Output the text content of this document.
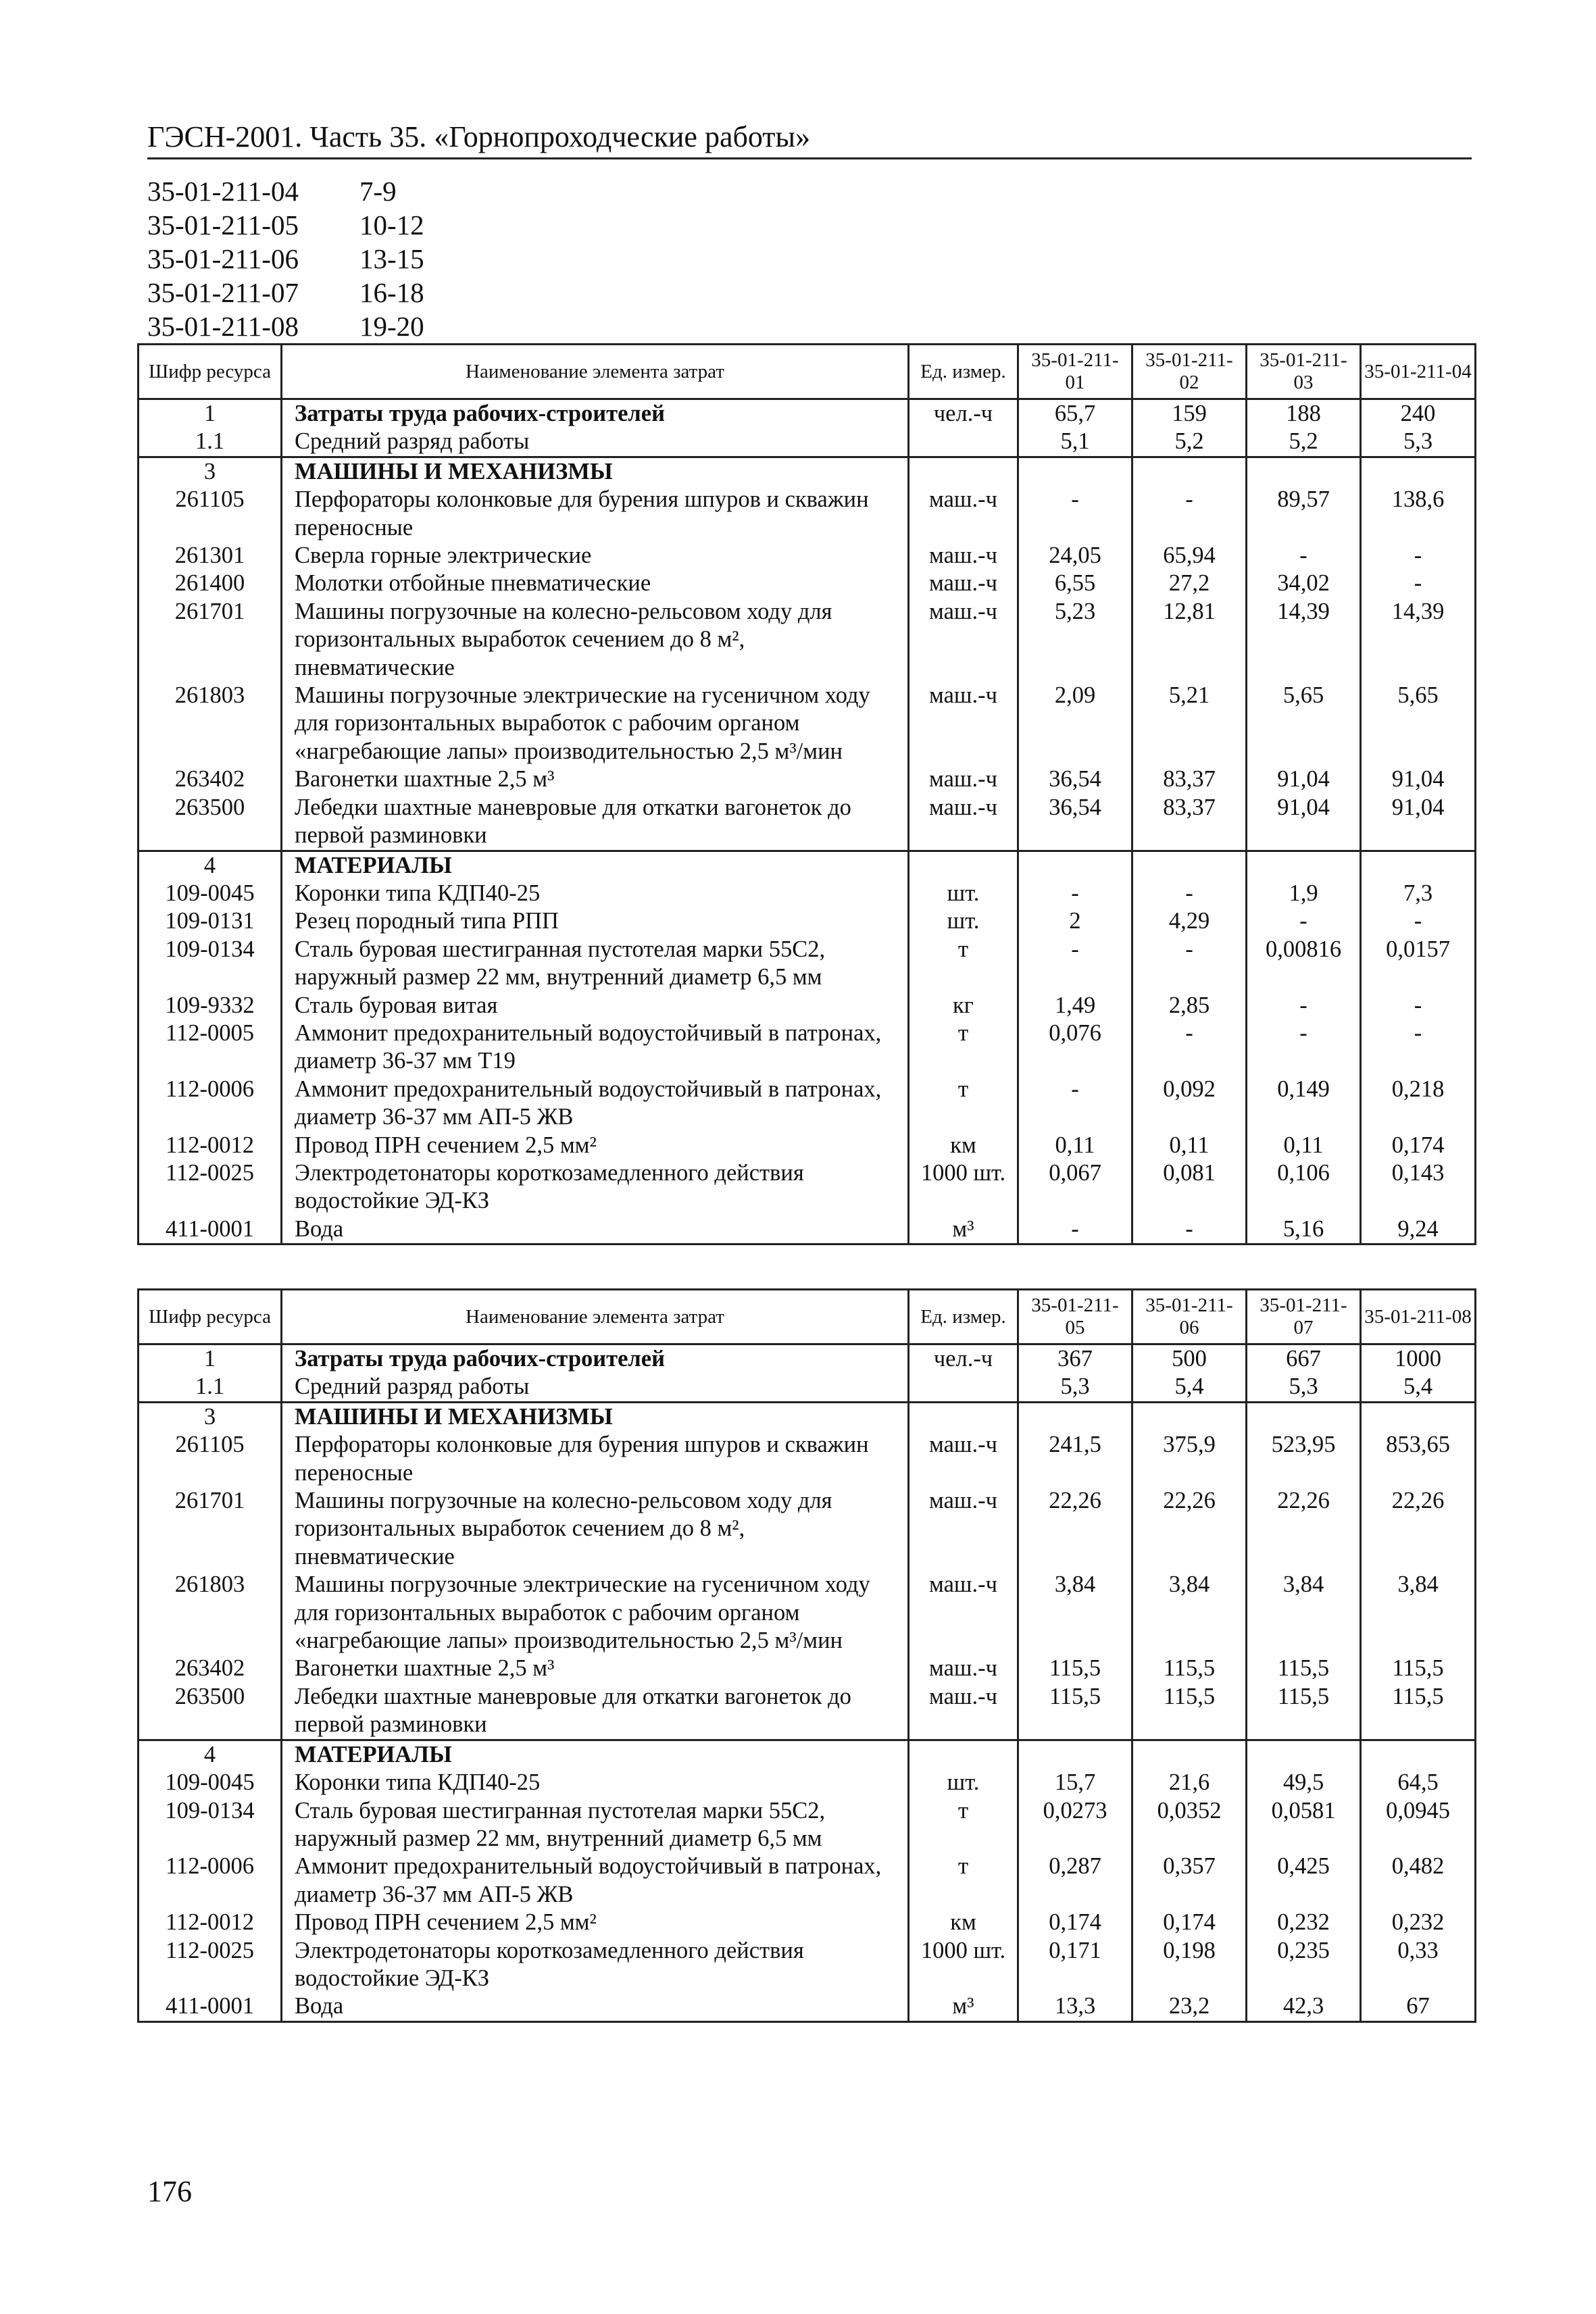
ГЭСН-2001. Часть 35. «Горнопроходческие работы»
35-01-211-04	7-9
35-01-211-05	10-12
35-01-211-06	13-15
35-01-211-07	16-18
35-01-211-08	19-20
Шифр ресурса	Наименование элемента затрат	Ед. измер.	35-01-211-01	35-01-211-02	35-01-211-03	35-01-211-04
1	Затраты труда рабочих-строителей	чел.-ч	65,7	159	188	240
1.1	Средний разряд работы		5,1	5,2	5,2	5,3
3	МАШИНЫ И МЕХАНИЗМЫ					
261105	Перфораторы колонковые для бурения шпуров и скважин переносные	маш.-ч	-	-	89,57	138,6
261301	Сверла горные электрические	маш.-ч	24,05	65,94	-	-
261400	Молотки отбойные пневматические	маш.-ч	6,55	27,2	34,02	-
261701	Машины погрузочные на колесно-рельсовом ходу для горизонтальных выработок сечением до 8 м², пневматические	маш.-ч	5,23	12,81	14,39	14,39
261803	Машины погрузочные электрические на гусеничном ходу для горизонтальных выработок с рабочим органом «нагребающие лапы» производительностью 2,5 м³/мин	маш.-ч	2,09	5,21	5,65	5,65
263402	Вагонетки шахтные 2,5 м³	маш.-ч	36,54	83,37	91,04	91,04
263500	Лебедки шахтные маневровые для откатки вагонеток до первой разминовки	маш.-ч	36,54	83,37	91,04	91,04
4	МАТЕРИАЛЫ					
109-0045	Коронки типа КДП40-25	шт.	-	-	1,9	7,3
109-0131	Резец породный типа РПП	шт.	2	4,29	-	-
109-0134	Сталь буровая шестигранная пустотелая марки 55С2, наружный размер 22 мм, внутренний диаметр 6,5 мм	т	-	-	0,00816	0,0157
109-9332	Сталь буровая витая	кг	1,49	2,85	-	-
112-0005	Аммонит предохранительный водоустойчивый в патронах, диаметр 36-37 мм Т19	т	0,076	-	-	-
112-0006	Аммонит предохранительный водоустойчивый в патронах, диаметр 36-37 мм АП-5 ЖВ	т	-	0,092	0,149	0,218
112-0012	Провод ПРН сечением 2,5 мм²	км	0,11	0,11	0,11	0,174
112-0025	Электродетонаторы короткозамедленного действия водостойкие ЭД-КЗ	1000 шт.	0,067	0,081	0,106	0,143
411-0001	Вода	м³	-	-	5,16	9,24
Шифр ресурса	Наименование элемента затрат	Ед. измер.	35-01-211-05	35-01-211-06	35-01-211-07	35-01-211-08
1	Затраты труда рабочих-строителей	чел.-ч	367	500	667	1000
1.1	Средний разряд работы		5,3	5,4	5,3	5,4
3	МАШИНЫ И МЕХАНИЗМЫ					
261105	Перфораторы колонковые для бурения шпуров и скважин переносные	маш.-ч	241,5	375,9	523,95	853,65
261701	Машины погрузочные на колесно-рельсовом ходу для горизонтальных выработок сечением до 8 м², пневматические	маш.-ч	22,26	22,26	22,26	22,26
261803	Машины погрузочные электрические на гусеничном ходу для горизонтальных выработок с рабочим органом «нагребающие лапы» производительностью 2,5 м³/мин	маш.-ч	3,84	3,84	3,84	3,84
263402	Вагонетки шахтные 2,5 м³	маш.-ч	115,5	115,5	115,5	115,5
263500	Лебедки шахтные маневровые для откатки вагонеток до первой разминовки	маш.-ч	115,5	115,5	115,5	115,5
4	МАТЕРИАЛЫ					
109-0045	Коронки типа КДП40-25	шт.	15,7	21,6	49,5	64,5
109-0134	Сталь буровая шестигранная пустотелая марки 55С2, наружный размер 22 мм, внутренний диаметр 6,5 мм	т	0,0273	0,0352	0,0581	0,0945
112-0006	Аммонит предохранительный водоустойчивый в патронах, диаметр 36-37 мм АП-5 ЖВ	т	0,287	0,357	0,425	0,482
112-0012	Провод ПРН сечением 2,5 мм²	км	0,174	0,174	0,232	0,232
112-0025	Электродетонаторы короткозамедленного действия водостойкие ЭД-КЗ	1000 шт.	0,171	0,198	0,235	0,33
411-0001	Вода	м³	13,3	23,2	42,3	67
176
